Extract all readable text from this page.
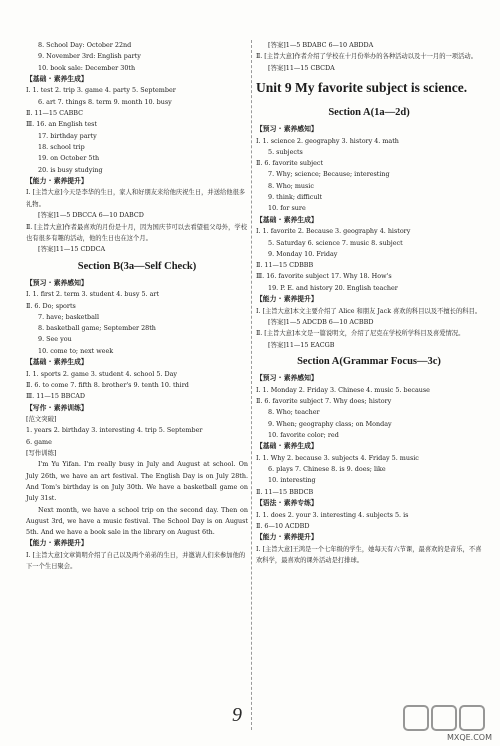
8. School Day: October 22nd
9. November 3rd: English party
10. book sale: December 30th
【基础 · 素养生成】
Ⅰ. 1. test 2. trip 3. game 4. party 5. September
6. art 7. things 8. term 9. month 10. busy
Ⅱ. 11—15 CABBC
Ⅲ. 16. an English test
17. birthday party
18. school trip
19. on October 5th
20. is busy studying
【能力 · 素养提升】
Ⅰ. [主旨大意]今天是李华的生日，家人和好朋友来给他庆祝生日，并送给他很多礼物。
[答案]1—5 DBCCA 6—10 DABCD
Ⅱ. [主旨大意]作者最喜欢的月份是十月，因为国庆节可以去看望祖父母外，学校也有很多有趣的活动，他的生日也在这个月。
[答案]11—15 CDDCA
Section B(3a—Self Check)
【预习 · 素养感知】
Ⅰ. 1. first 2. term 3. student 4. busy 5. art
Ⅱ. 6. Do; sports
7. have; basketball
8. basketball game; September 28th
9. See you
10. come to; next week
【基础 · 素养生成】
Ⅰ. 1. sports 2. game 3. student 4. school 5. Day
Ⅱ. 6. to come 7. fifth 8. brother's 9. tenth 10. third
Ⅲ. 11—15 BBCAD
【写作 · 素养训练】
[范文突破]
1. years 2. birthday 3. interesting 4. trip 5. September
6. game
[写作训练]
I'm Yu Yifan. I'm really busy in July and August at school. On July 26th, we have an art festival. The English Day is on July 28th. And Tom's birthday is on July 30th. We have a basketball game on July 31st.
Next month, we have a school trip on the second day. Then on August 3rd, we have a music festival. The School Day is on August 5th. And we have a book sale in the library on August 6th.
【能力 · 素养提升】
Ⅰ. [主旨大意]文章简明介绍了自己以及两个弟弟的生日，并邀请人们来参加他的下一个生日聚会。
[答案]1—5 BDABC 6—10 ABDDA
Ⅱ. [主旨大意]作者介绍了学校在十月份举办的各种活动以及十一月的一项活动。
[答案]11—15 CBCDA
Unit 9 My favorite subject is science.
Section A(1a—2d)
【预习 · 素养感知】
Ⅰ. 1. science 2. geography 3. history 4. math
5. subjects
Ⅱ. 6. favorite subject
7. Why; science; Because; interesting
8. Who; music
9. think; difficult
10. for sure
【基础 · 素养生成】
Ⅰ. 1. favorite 2. Because 3. geography 4. history
5. Saturday 6. science 7. music 8. subject
9. Monday 10. Friday
Ⅱ. 11—15 CDBBB
Ⅲ. 16. favorite subject 17. Why 18. How's
19. P. E. and history 20. English teacher
【能力 · 素养提升】
Ⅰ. [主旨大意]本文主要介绍了 Alice 和朋友 Jack 喜欢的科目以及不擅长的科目。
[答案]1—5 ADCDB 6—10 ACBBD
Ⅱ. [主旨大意]本文是一篇说明文，介绍了尼克在学校所学科目及喜爱情况。
[答案]11—15 EACGB
Section A(Grammar Focus—3c)
【预习 · 素养感知】
Ⅰ. 1. Monday 2. Friday 3. Chinese 4. music 5. because
Ⅱ. 6. favorite subject 7. Why does; history
8. Who; teacher
9. When; geography class; on Monday
10. favorite color; red
【基础 · 素养生成】
Ⅰ. 1. Why 2. because 3. subjects 4. Friday 5. music
6. plays 7. Chinese 8. is 9. does; like
10. interesting
Ⅱ. 11—15 BBDCB
【语法 · 素养专练】
Ⅰ. 1. does 2. your 3. interesting 4. subjects 5. is
Ⅱ. 6—10 ACDBD
【能力 · 素养提升】
Ⅰ. [主旨大意]王鸿是一个七年级的学生，她每天有六节课，最喜欢的是音乐，不喜欢科学，最喜欢的课外活动是打排球。
9
MXQE.COM
